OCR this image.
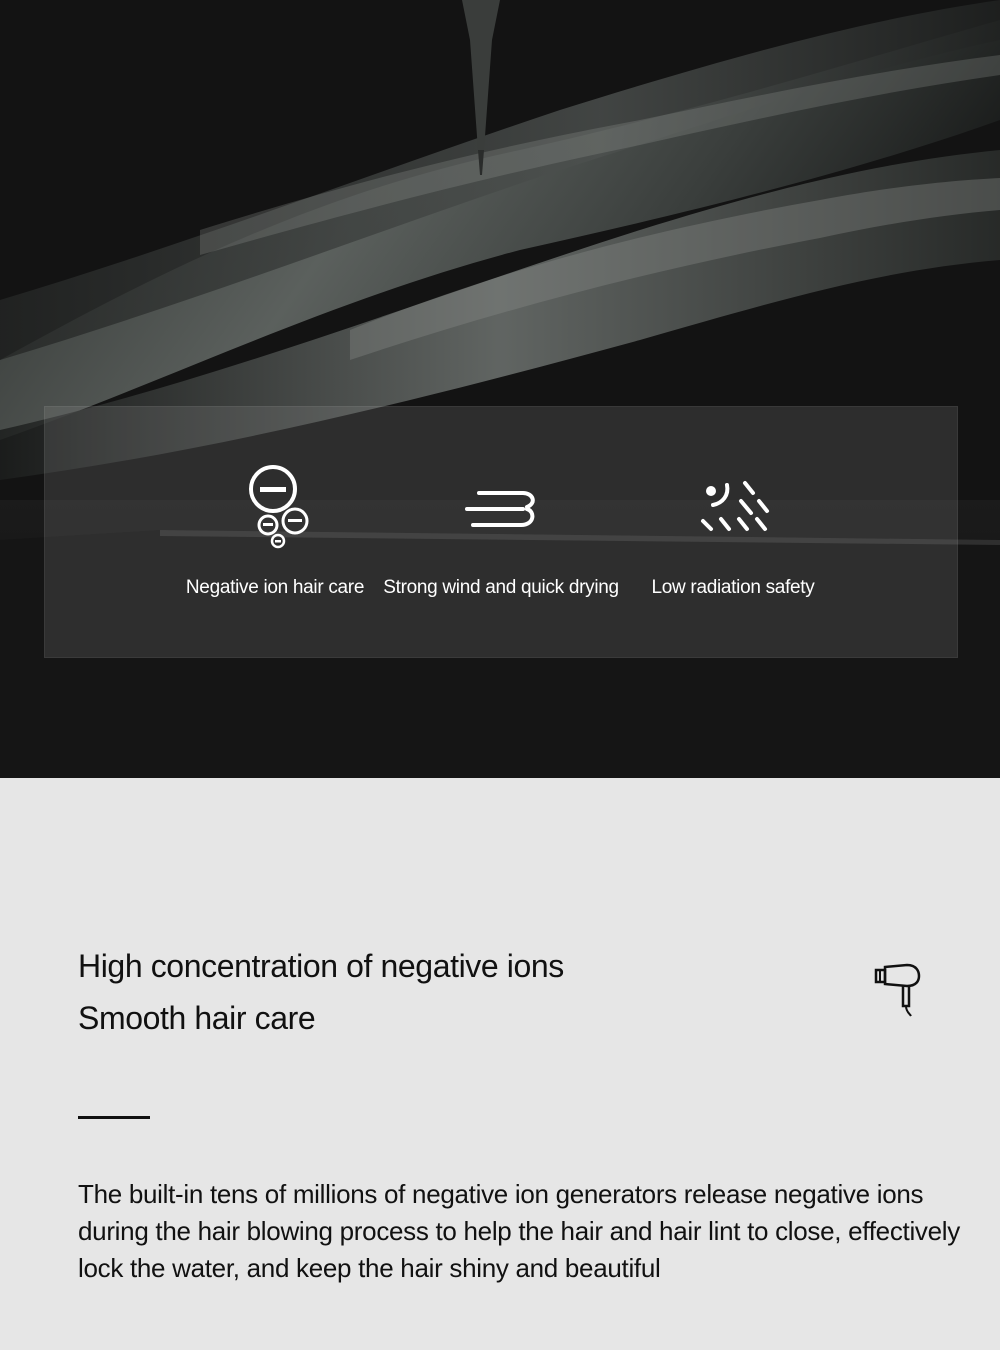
Negative ion hair care Strong wind and quick drying Low radiation safety
High concentration of negative ions
Smooth hair care
The built-in tens of millions of negative ion generators release negative ions during the hair blowing process to help the hair and hair lint to close, effectively lock the water, and keep the hair shiny and beautiful
